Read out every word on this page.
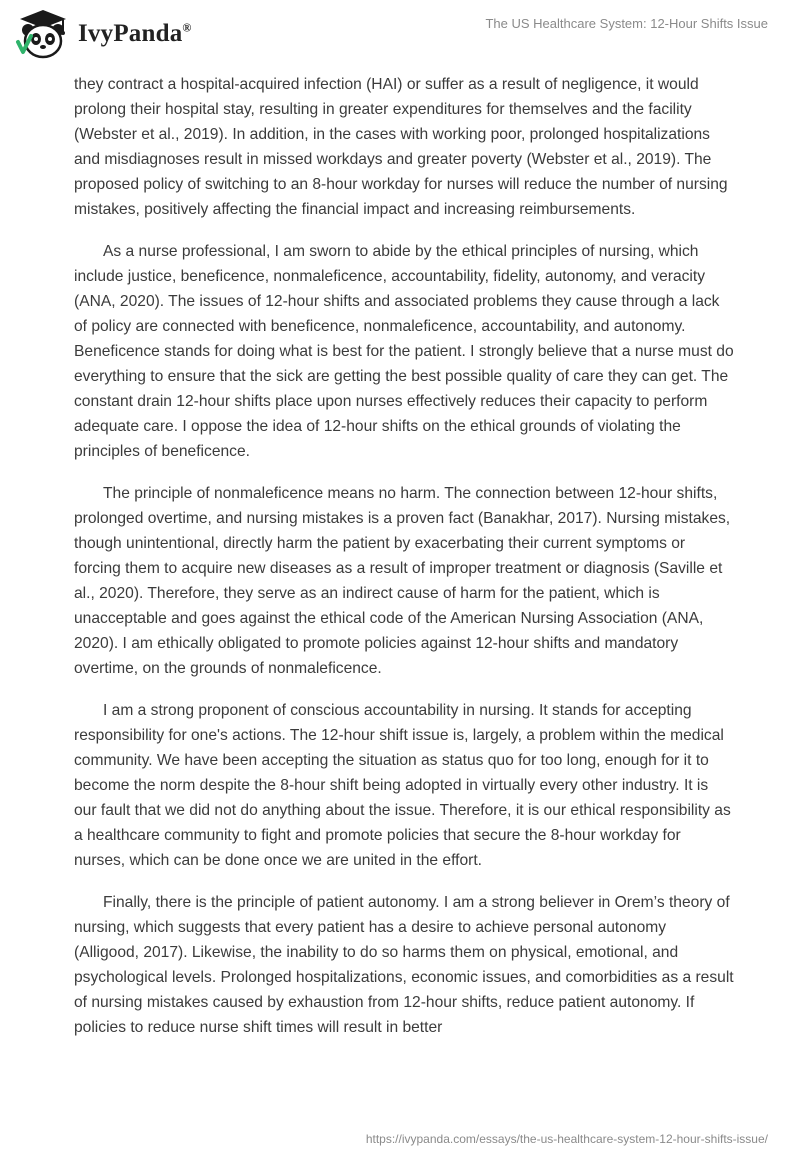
IvyPanda®	The US Healthcare System: 12-Hour Shifts Issue

they contract a hospital-acquired infection (HAI) or suffer as a result of negligence, it would prolong their hospital stay, resulting in greater expenditures for themselves and the facility (Webster et al., 2019). In addition, in the cases with working poor, prolonged hospitalizations and misdiagnoses result in missed workdays and greater poverty (Webster et al., 2019). The proposed policy of switching to an 8-hour workday for nurses will reduce the number of nursing mistakes, positively affecting the financial impact and increasing reimbursements.

As a nurse professional, I am sworn to abide by the ethical principles of nursing, which include justice, beneficence, nonmaleficence, accountability, fidelity, autonomy, and veracity (ANA, 2020). The issues of 12-hour shifts and associated problems they cause through a lack of policy are connected with beneficence, nonmaleficence, accountability, and autonomy. Beneficence stands for doing what is best for the patient. I strongly believe that a nurse must do everything to ensure that the sick are getting the best possible quality of care they can get. The constant drain 12-hour shifts place upon nurses effectively reduces their capacity to perform adequate care. I oppose the idea of 12-hour shifts on the ethical grounds of violating the principles of beneficence.

The principle of nonmaleficence means no harm. The connection between 12-hour shifts, prolonged overtime, and nursing mistakes is a proven fact (Banakhar, 2017). Nursing mistakes, though unintentional, directly harm the patient by exacerbating their current symptoms or forcing them to acquire new diseases as a result of improper treatment or diagnosis (Saville et al., 2020). Therefore, they serve as an indirect cause of harm for the patient, which is unacceptable and goes against the ethical code of the American Nursing Association (ANA, 2020). I am ethically obligated to promote policies against 12-hour shifts and mandatory overtime, on the grounds of nonmaleficence.

I am a strong proponent of conscious accountability in nursing. It stands for accepting responsibility for one's actions. The 12-hour shift issue is, largely, a problem within the medical community. We have been accepting the situation as status quo for too long, enough for it to become the norm despite the 8-hour shift being adopted in virtually every other industry. It is our fault that we did not do anything about the issue. Therefore, it is our ethical responsibility as a healthcare community to fight and promote policies that secure the 8-hour workday for nurses, which can be done once we are united in the effort.

Finally, there is the principle of patient autonomy. I am a strong believer in Orem’s theory of nursing, which suggests that every patient has a desire to achieve personal autonomy (Alligood, 2017). Likewise, the inability to do so harms them on physical, emotional, and psychological levels. Prolonged hospitalizations, economic issues, and comorbidities as a result of nursing mistakes caused by exhaustion from 12-hour shifts, reduce patient autonomy. If policies to reduce nurse shift times will result in better

https://ivypanda.com/essays/the-us-healthcare-system-12-hour-shifts-issue/
